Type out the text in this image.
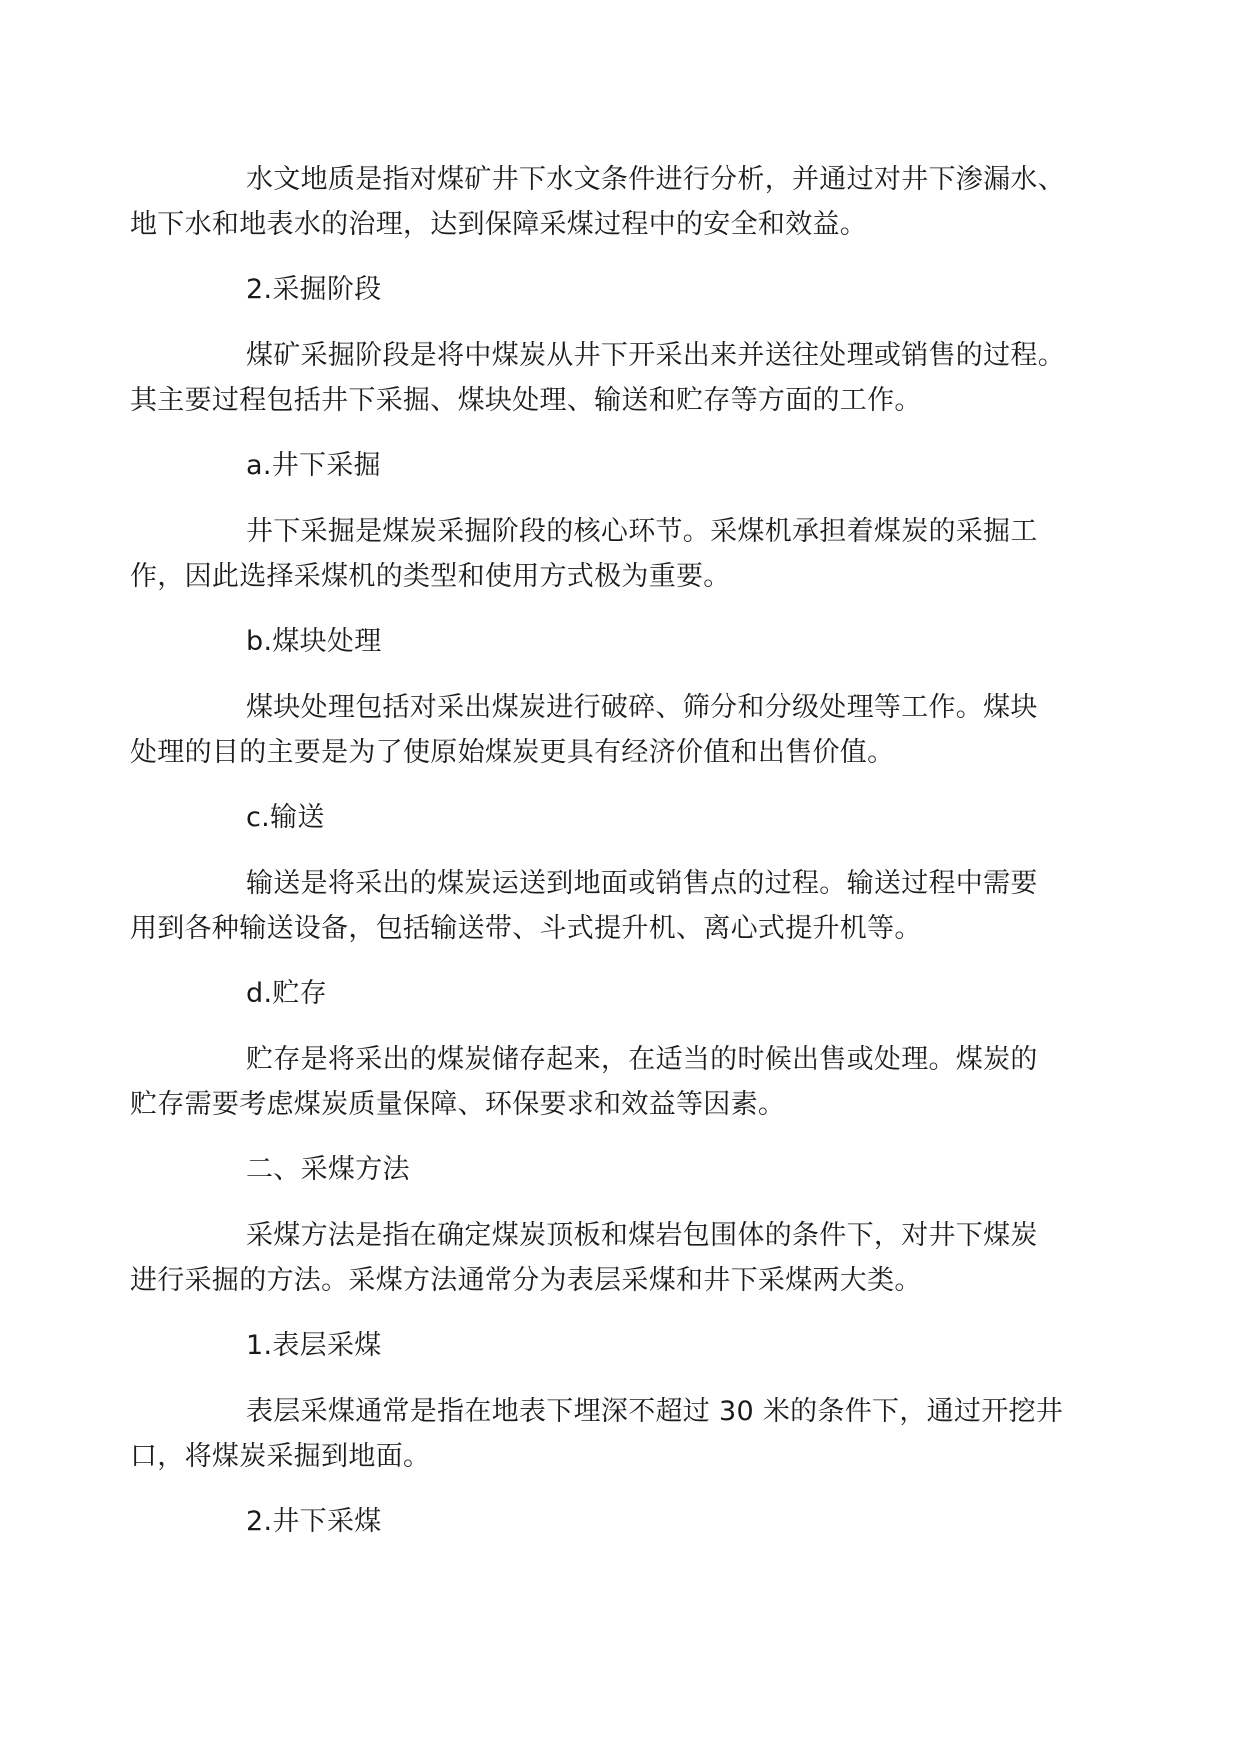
水文地质是指对煤矿井下水文条件进行分析，并通过对井下渗漏水、
地下水和地表水的治理，达到保障采煤过程中的安全和效益。

2.采掘阶段

煤矿采掘阶段是将中煤炭从井下开采出来并送往处理或销售的过程。
其主要过程包括井下采掘、煤块处理、输送和贮存等方面的工作。

a.井下采掘

井下采掘是煤炭采掘阶段的核心环节。采煤机承担着煤炭的采掘工
作，因此选择采煤机的类型和使用方式极为重要。

b.煤块处理

煤块处理包括对采出煤炭进行破碎、筛分和分级处理等工作。煤块
处理的目的主要是为了使原始煤炭更具有经济价值和出售价值。

c.输送

输送是将采出的煤炭运送到地面或销售点的过程。输送过程中需要
用到各种输送设备，包括输送带、斗式提升机、离心式提升机等。

d.贮存

贮存是将采出的煤炭储存起来，在适当的时候出售或处理。煤炭的
贮存需要考虑煤炭质量保障、环保要求和效益等因素。

二、采煤方法

采煤方法是指在确定煤炭顶板和煤岩包围体的条件下，对井下煤炭
进行采掘的方法。采煤方法通常分为表层采煤和井下采煤两大类。

1.表层采煤

表层采煤通常是指在地表下埋深不超过 30 米的条件下，通过开挖井
口，将煤炭采掘到地面。

2.井下采煤
